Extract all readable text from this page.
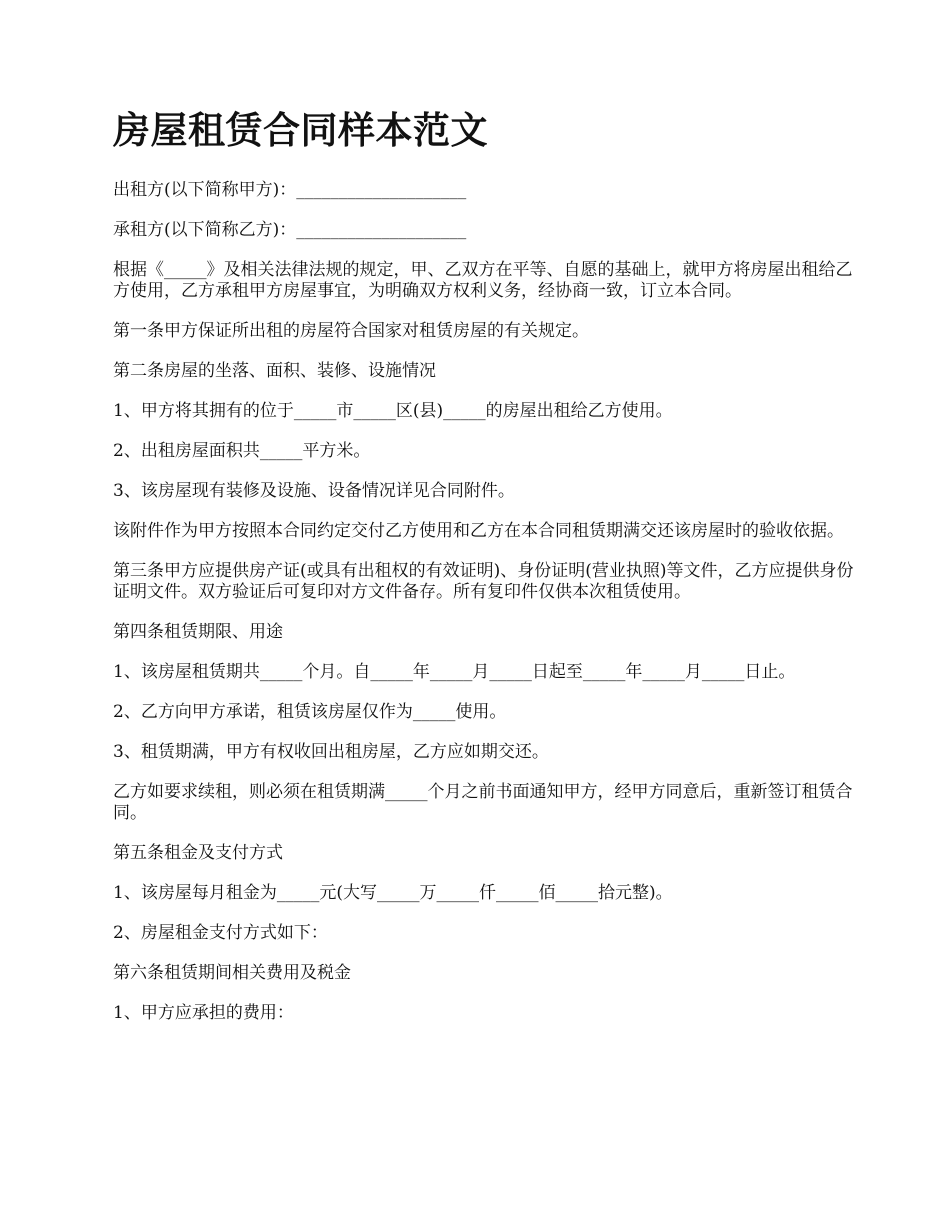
房屋租赁合同样本范文

出租方(以下简称甲方)：____________________

承租方(以下简称乙方)：____________________

根据《_____》及相关法律法规的规定，甲、乙双方在平等、自愿的基础上，就甲方将房屋出租给乙方使用，乙方承租甲方房屋事宜，为明确双方权利义务，经协商一致，订立本合同。

第一条甲方保证所出租的房屋符合国家对租赁房屋的有关规定。

第二条房屋的坐落、面积、装修、设施情况

1、甲方将其拥有的位于_____市_____区(县)_____的房屋出租给乙方使用。

2、出租房屋面积共_____平方米。

3、该房屋现有装修及设施、设备情况详见合同附件。

该附件作为甲方按照本合同约定交付乙方使用和乙方在本合同租赁期满交还该房屋时的验收依据。

第三条甲方应提供房产证(或具有出租权的有效证明)、身份证明(营业执照)等文件，乙方应提供身份证明文件。双方验证后可复印对方文件备存。所有复印件仅供本次租赁使用。

第四条租赁期限、用途

1、该房屋租赁期共_____个月。自_____年_____月_____日起至_____年_____月_____日止。

2、乙方向甲方承诺，租赁该房屋仅作为_____使用。

3、租赁期满，甲方有权收回出租房屋，乙方应如期交还。

乙方如要求续租，则必须在租赁期满_____个月之前书面通知甲方，经甲方同意后，重新签订租赁合同。

第五条租金及支付方式

1、该房屋每月租金为_____元(大写_____万_____仟_____佰_____拾元整)。

2、房屋租金支付方式如下：

第六条租赁期间相关费用及税金

1、甲方应承担的费用：
